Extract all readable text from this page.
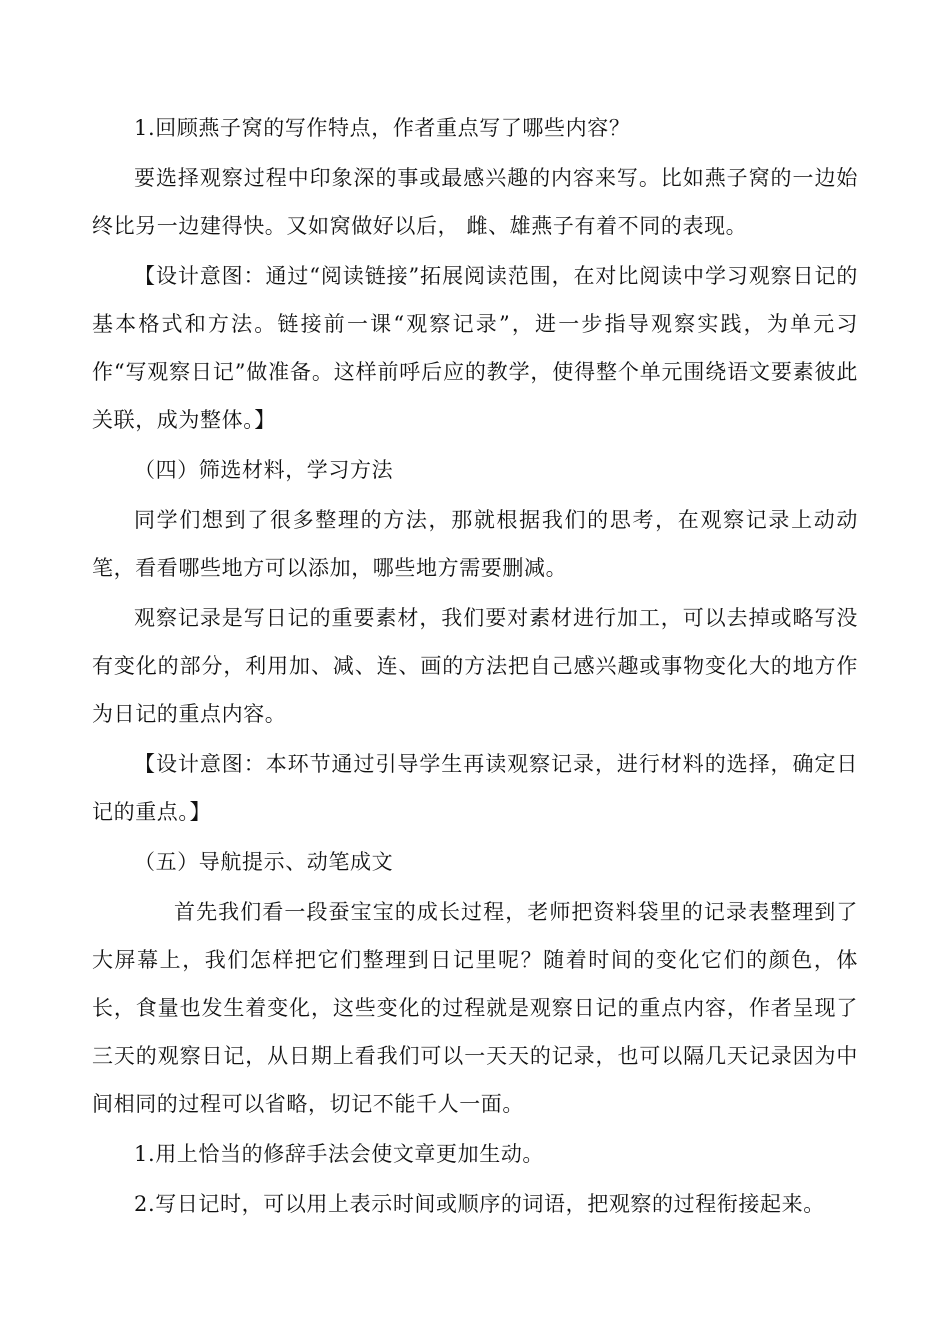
1.回顾燕子窝的写作特点，作者重点写了哪些内容？

要选择观察过程中印象深的事或最感兴趣的内容来写。比如燕子窝的一边始终比另一边建得快。又如窝做好以后， 雌、雄燕子有着不同的表现。

【设计意图：通过“阅读链接”拓展阅读范围，在对比阅读中学习观察日记的基本格式和方法。链接前一课“观察记录”，进一步指导观察实践，为单元习作“写观察日记”做准备。这样前呼后应的教学，使得整个单元围绕语文要素彼此关联，成为整体。】

（四）筛选材料，学习方法

同学们想到了很多整理的方法，那就根据我们的思考，在观察记录上动动笔，看看哪些地方可以添加，哪些地方需要删减。

观察记录是写日记的重要素材，我们要对素材进行加工，可以去掉或略写没有变化的部分，利用加、减、连、画的方法把自己感兴趣或事物变化大的地方作为日记的重点内容。

【设计意图：本环节通过引导学生再读观察记录，进行材料的选择，确定日记的重点。】

（五）导航提示、动笔成文

首先我们看一段蚕宝宝的成长过程，老师把资料袋里的记录表整理到了大屏幕上，我们怎样把它们整理到日记里呢？随着时间的变化它们的颜色，体长，食量也发生着变化，这些变化的过程就是观察日记的重点内容，作者呈现了三天的观察日记，从日期上看我们可以一天天的记录，也可以隔几天记录因为中间相同的过程可以省略，切记不能千人一面。

1.用上恰当的修辞手法会使文章更加生动。

2.写日记时，可以用上表示时间或顺序的词语，把观察的过程衔接起来。
